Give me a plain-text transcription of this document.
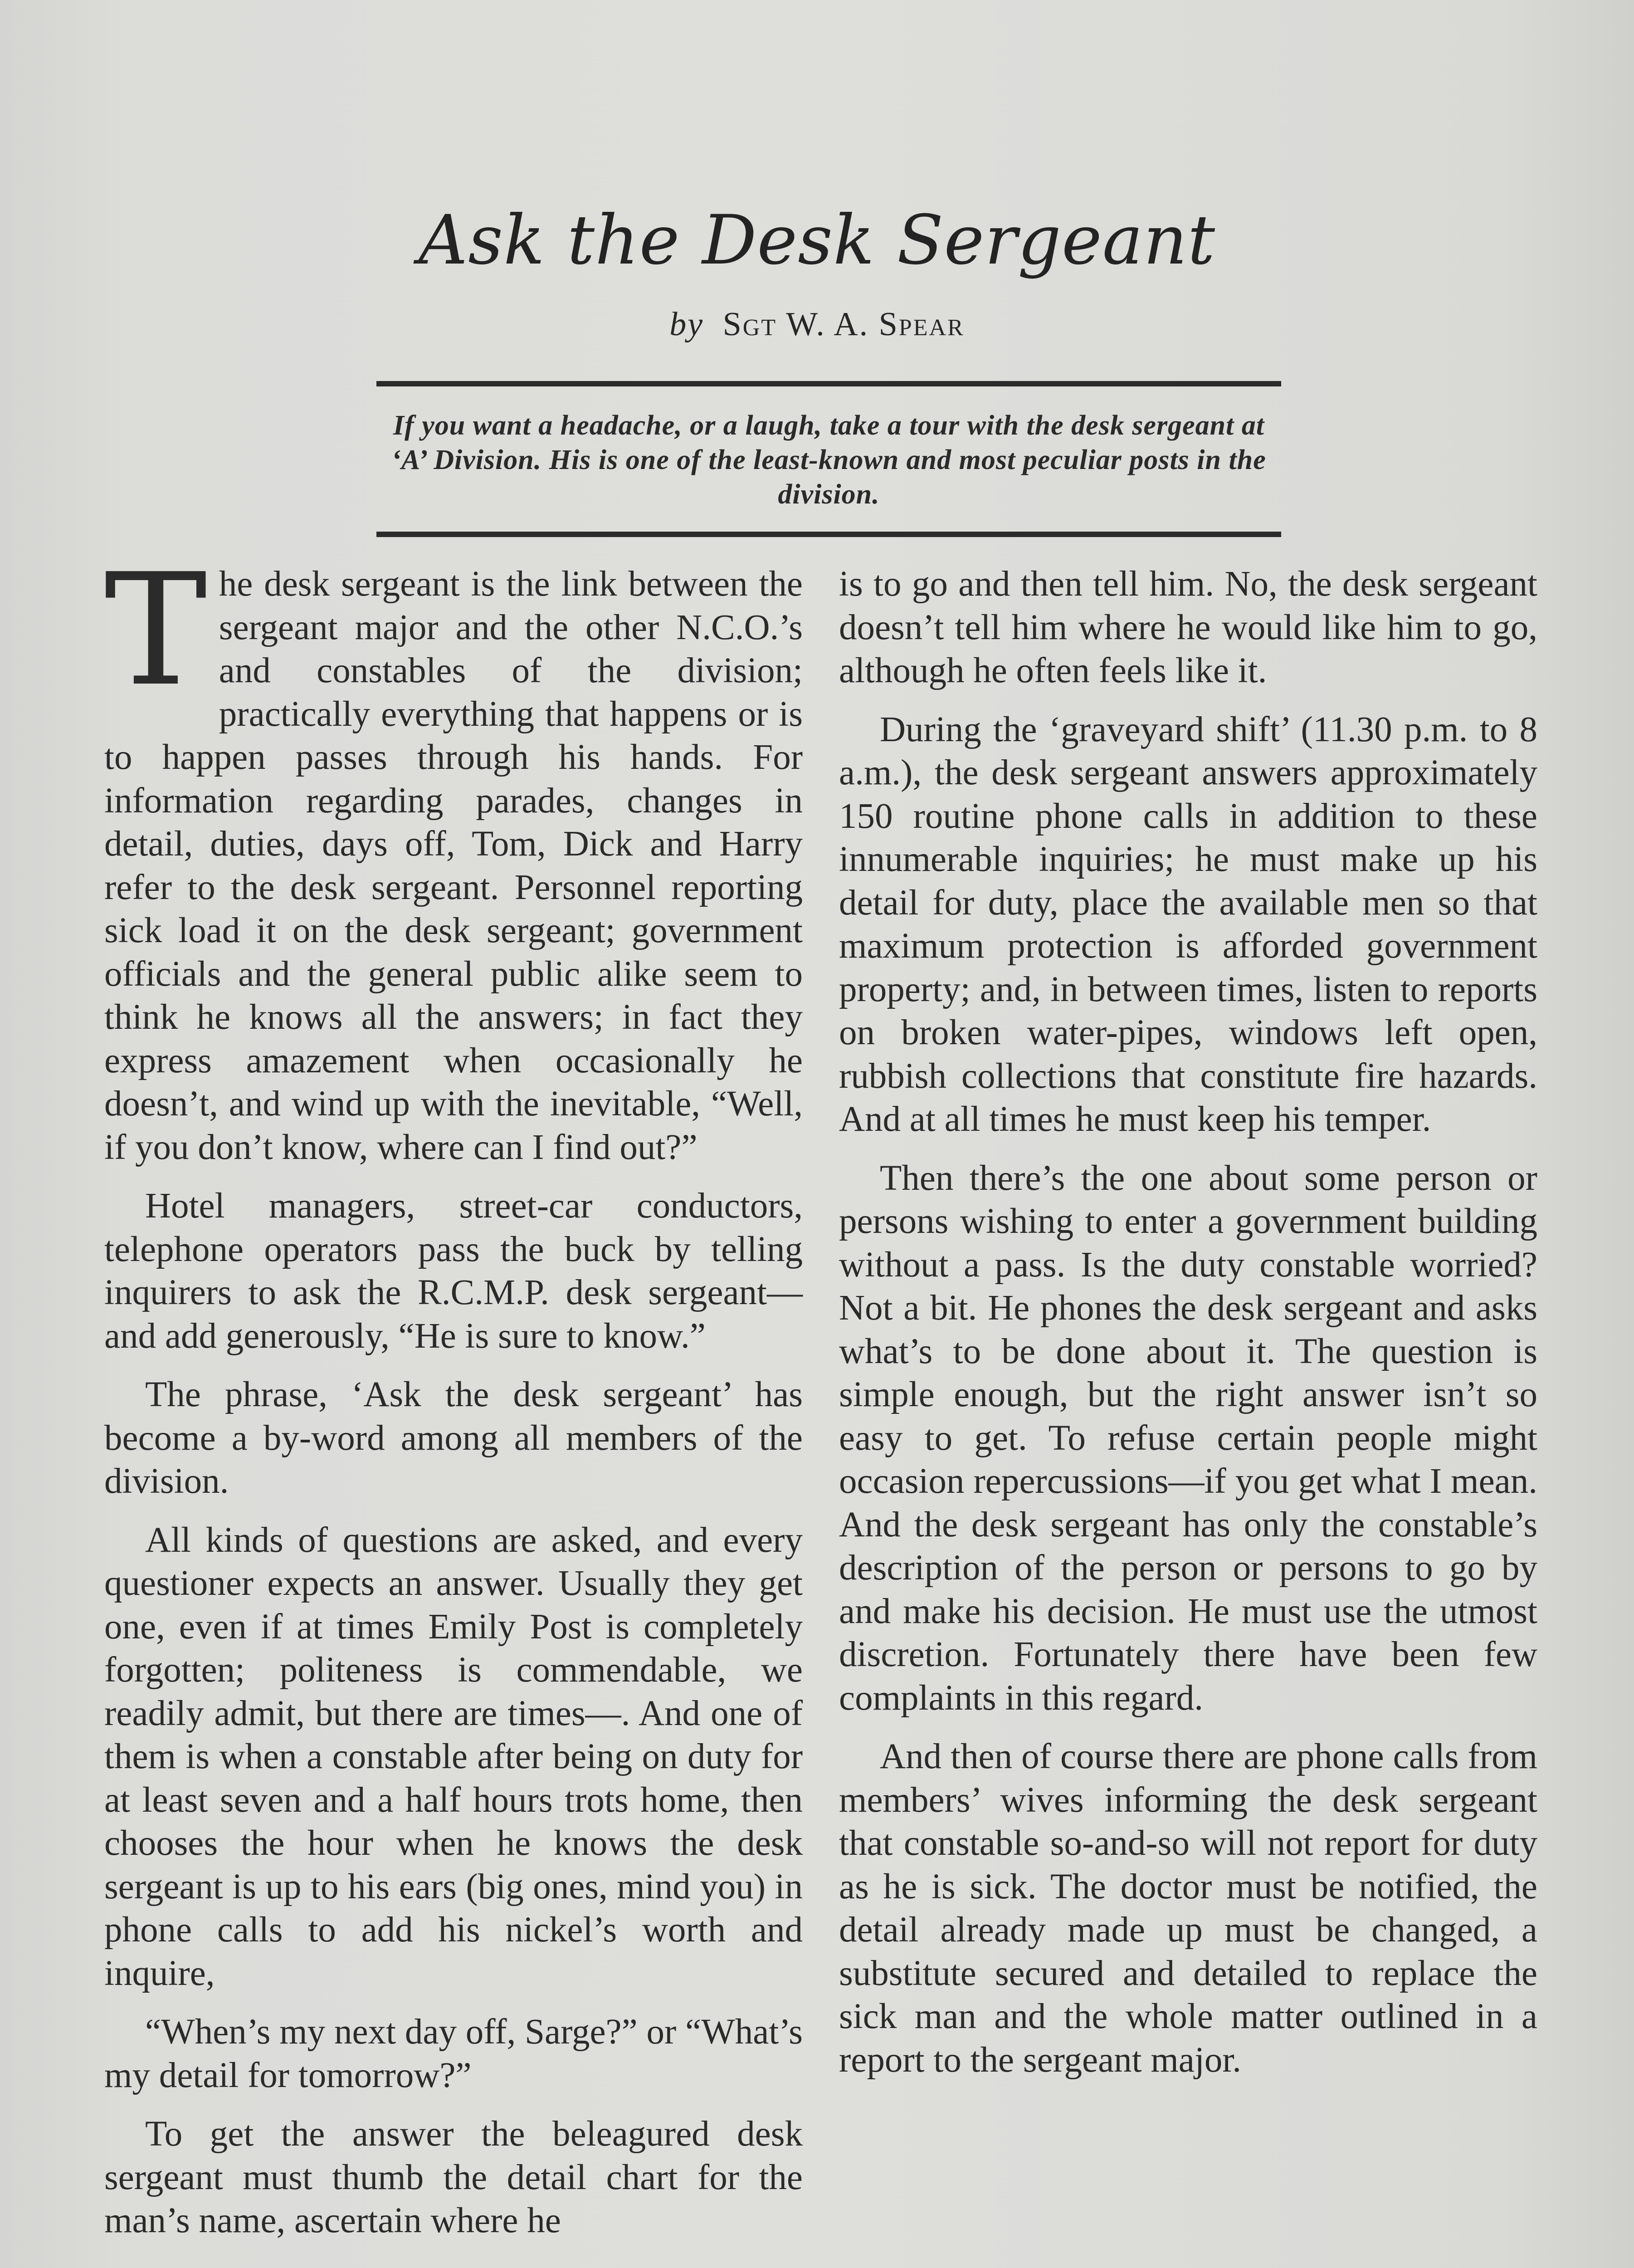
Ask the Desk Sergeant
by Sgt W. A. Spear
If you want a headache, or a laugh, take a tour with the desk sergeant at ‘A’ Division. His is one of the least-known and most peculiar posts in the division.

The desk sergeant is the link between the sergeant major and the other N.C.O.’s and constables of the division; practically everything that happens or is to happen passes through his hands. For information regarding parades, changes in detail, duties, days off, Tom, Dick and Harry refer to the desk sergeant. Personnel reporting sick load it on the desk sergeant; government officials and the general public alike seem to think he knows all the answers; in fact they express amazement when occasionally he doesn’t, and wind up with the inevitable, “Well, if you don’t know, where can I find out?”

Hotel managers, street-car conductors, telephone operators pass the buck by telling inquirers to ask the R.C.M.P. desk sergeant—and add generously, “He is sure to know.”

The phrase, ‘Ask the desk sergeant’ has become a by-word among all members of the division.

All kinds of questions are asked, and every questioner expects an answer. Usually they get one, even if at times Emily Post is completely forgotten; politeness is commendable, we readily admit, but there are times—. And one of them is when a constable after being on duty for at least seven and a half hours trots home, then chooses the hour when he knows the desk sergeant is up to his ears (big ones, mind you) in phone calls to add his nickel’s worth and inquire,

“When’s my next day off, Sarge?” or “What’s my detail for tomorrow?”

To get the answer the beleagured desk sergeant must thumb the detail chart for the man’s name, ascertain where he

is to go and then tell him. No, the desk sergeant doesn’t tell him where he would like him to go, although he often feels like it.

During the ‘graveyard shift’ (11.30 p.m. to 8 a.m.), the desk sergeant answers approximately 150 routine phone calls in addition to these innumerable inquiries; he must make up his detail for duty, place the available men so that maximum protection is afforded government property; and, in between times, listen to reports on broken water-pipes, windows left open, rubbish collections that constitute fire hazards. And at all times he must keep his temper.

Then there’s the one about some person or persons wishing to enter a government building without a pass. Is the duty constable worried? Not a bit. He phones the desk sergeant and asks what’s to be done about it. The question is simple enough, but the right answer isn’t so easy to get. To refuse certain people might occasion repercussions—if you get what I mean. And the desk sergeant has only the constable’s description of the person or persons to go by and make his decision. He must use the utmost discretion. Fortunately there have been few complaints in this regard.

And then of course there are phone calls from members’ wives informing the desk sergeant that constable so-and-so will not report for duty as he is sick. The doctor must be notified, the detail already made up must be changed, a substitute secured and detailed to replace the sick man and the whole matter outlined in a report to the sergeant major.
